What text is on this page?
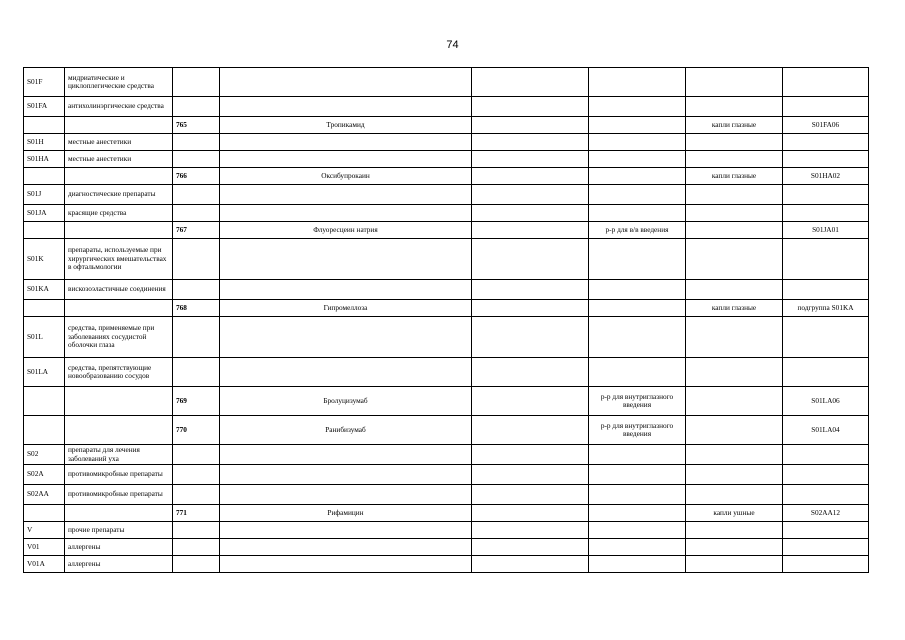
74
S01F	мидриатические и циклоплегические средства						
S01FA	антихолинэргические средства						
		765	Тропикамид			капли глазные	S01FA06
S01H	местные анестетики						
S01HA	местные анестетики						
		766	Оксибупрокаин			капли глазные	S01HA02
S01J	диагностические препараты						
S01JA	красящие средства						
		767	Флуоресцеин натрия		р-р для в/в введения		S01JA01
S01K	препараты, используемые при хирургических вмешательствах в офтальмологии						
S01KA	вискозоэластичные соединения						
		768	Гипромеллоза			капли глазные	подгруппа S01KA
S01L	средства, применяемые при заболеваниях сосудистой оболочки глаза						
S01LA	средства, препятствующие новообразованию сосудов						
		769	Бролуцизумаб		р-р для внутриглазного введения		S01LA06
		770	Ранибизумаб		р-р для внутриглазного введения		S01LA04
S02	препараты для лечения заболеваний уха						
S02A	противомикробные препараты						
S02AA	противомикробные препараты						
		771	Рифамицин			капли ушные	S02AA12
V	прочие препараты						
V01	аллергены						
V01A	аллергены						
